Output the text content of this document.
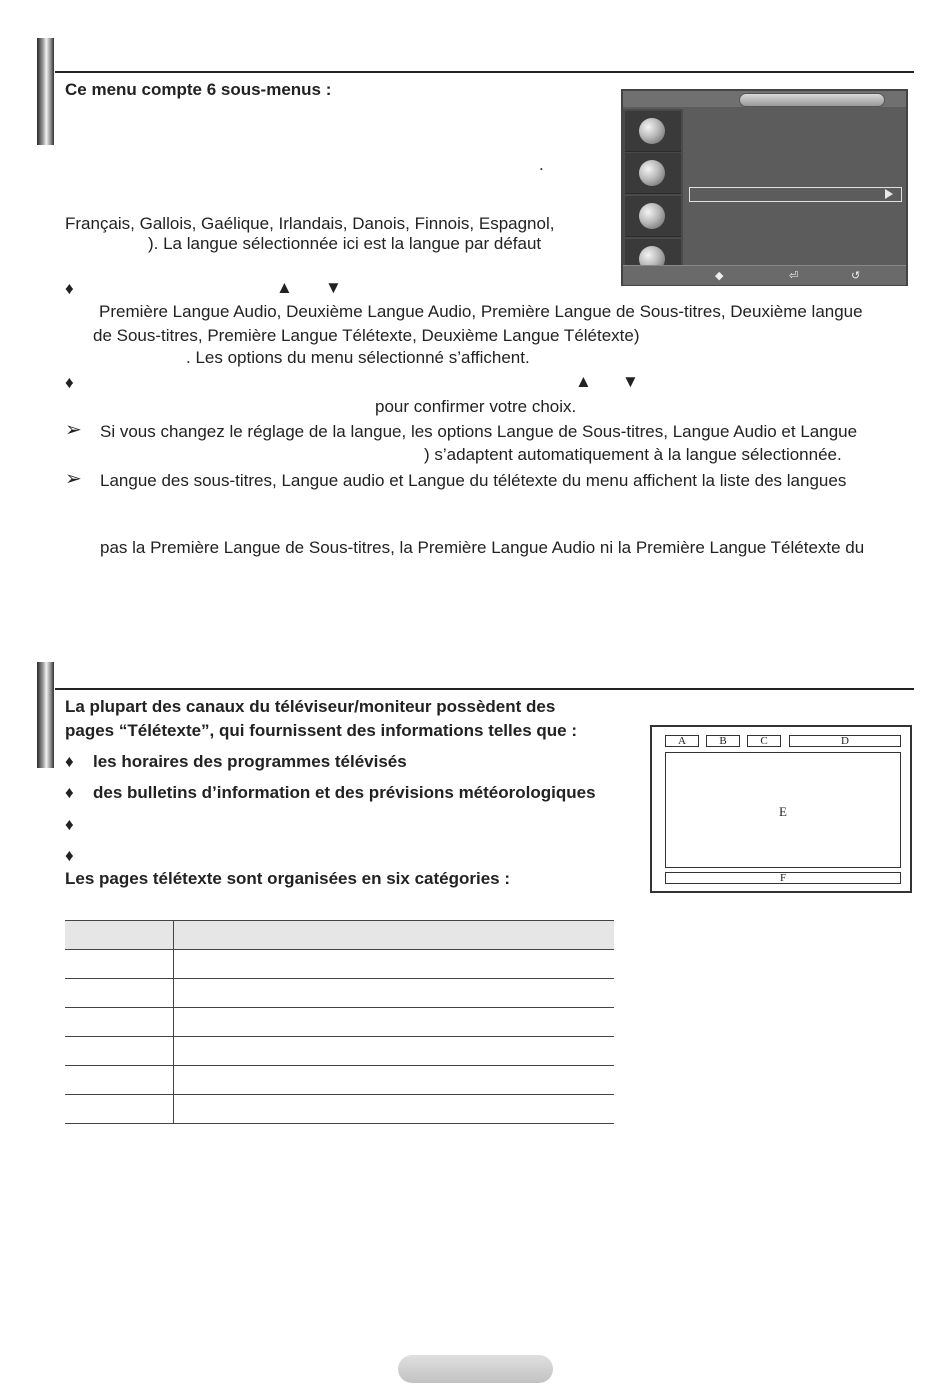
Ce menu compte 6 sous-menus :
.
Français, Gallois, Gaélique, Irlandais, Danois, Finnois, Espagnol,
). La langue sélectionnée ici est la langue par défaut
♦	▲ ▼
Première Langue Audio, Deuxième Langue Audio, Première Langue de Sous-titres, Deuxième langue
de Sous-titres, Première Langue Télétexte, Deuxième Langue Télétexte)
. Les options du menu sélectionné s’affichent.
♦	▲ ▼
pour confirmer votre choix.
➢ Si vous changez le réglage de la langue, les options Langue de Sous-titres, Langue Audio et Langue
) s’adaptent automatiquement à la langue sélectionnée.
➢ Langue des sous-titres, Langue audio et Langue du télétexte du menu affichent la liste des langues
pas la Première Langue de Sous-titres, la Première Langue Audio ni la Première Langue Télétexte du
◆	⏎	↺
La plupart des canaux du téléviseur/moniteur possèdent des
pages “Télétexte”, qui fournissent des informations telles que :
♦ les horaires des programmes télévisés
♦ des bulletins d’information et des prévisions météorologiques
♦
♦
Les pages télétexte sont organisées en six catégories :
A	B	C	D
E
F
